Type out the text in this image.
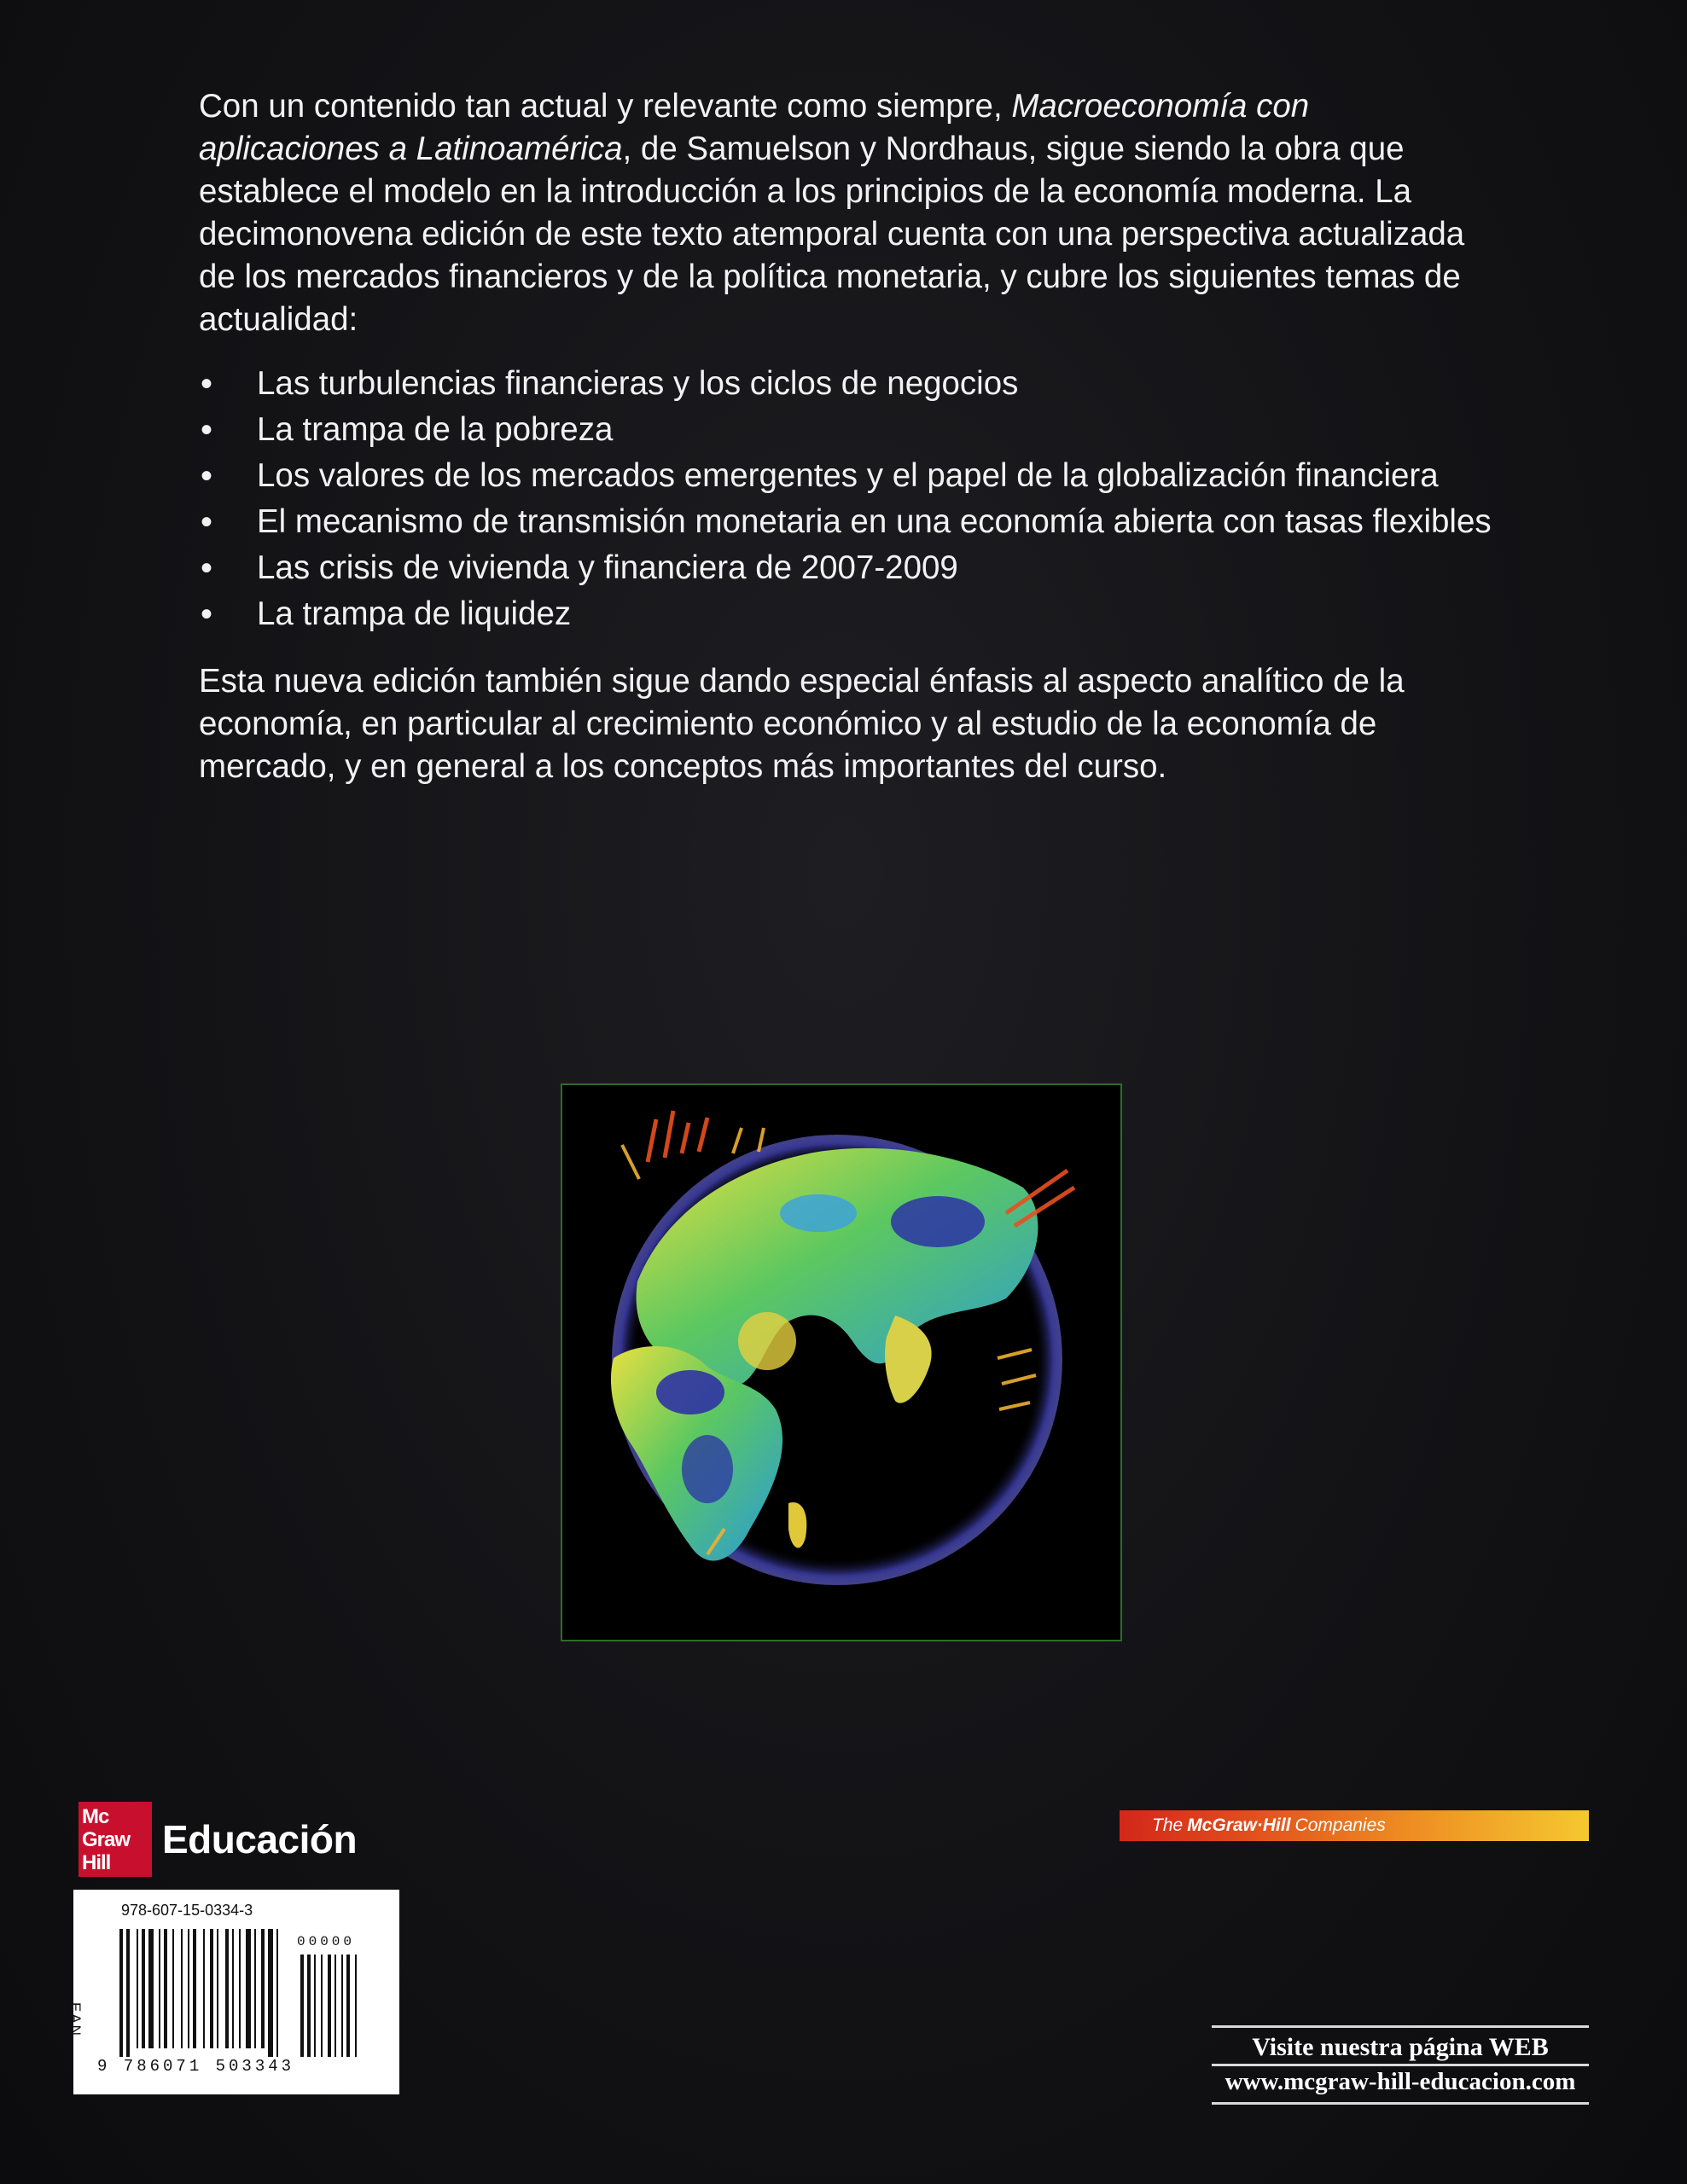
Con un contenido tan actual y relevante como siempre, Macroeconomía con aplicaciones a Latinoamérica, de Samuelson y Nordhaus, sigue siendo la obra que establece el modelo en la introducción a los principios de la economía moderna. La decimonovena edición de este texto atemporal cuenta con una perspectiva actualizada de los mercados financieros y de la política monetaria, y cubre los siguientes temas de actualidad:

• Las turbulencias financieras y los ciclos de negocios
• La trampa de la pobreza
• Los valores de los mercados emergentes y el papel de la globalización financiera
• El mecanismo de transmisión monetaria en una economía abierta con tasas flexibles
• Las crisis de vivienda y financiera de 2007-2009
• La trampa de liquidez

Esta nueva edición también sigue dando especial énfasis al aspecto analítico de la economía, en particular al crecimiento económico y al estudio de la economía de mercado, y en general a los conceptos más importantes del curso.

Mc
Graw
Hill
Educación
978-607-15-0334-3
EAN
00000
9 786071 503343
The McGraw·Hill Companies
Visite nuestra página WEB
www.mcgraw-hill-educacion.com
